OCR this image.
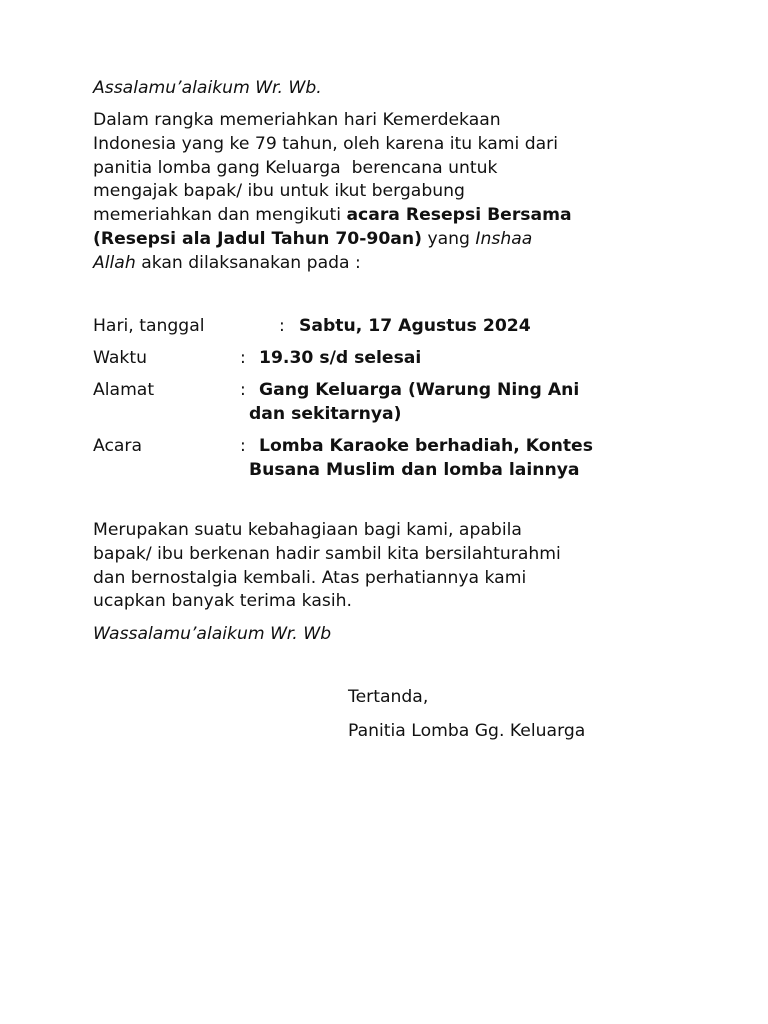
Assalamu’alaikum Wr. Wb.
Dalam rangka memeriahkan hari Kemerdekaan
Indonesia yang ke 79 tahun, oleh karena itu kami dari
panitia lomba gang Keluarga  berencana untuk
mengajak bapak/ ibu untuk ikut bergabung
memeriahkan dan mengikuti acara Resepsi Bersama
(Resepsi ala Jadul Tahun 70-90an) yang Inshaa
Allah akan dilaksanakan pada :
Hari, tanggal	: Sabtu, 17 Agustus 2024
Waktu	: 19.30 s/d selesai
Alamat	: Gang Keluarga (Warung Ning Ani
dan sekitarnya)
Acara	: Lomba Karaoke berhadiah, Kontes
Busana Muslim dan lomba lainnya
Merupakan suatu kebahagiaan bagi kami, apabila
bapak/ ibu berkenan hadir sambil kita bersilahturahmi
dan bernostalgia kembali. Atas perhatiannya kami
ucapkan banyak terima kasih.
Wassalamu’alaikum Wr. Wb
Tertanda,
Panitia Lomba Gg. Keluarga
